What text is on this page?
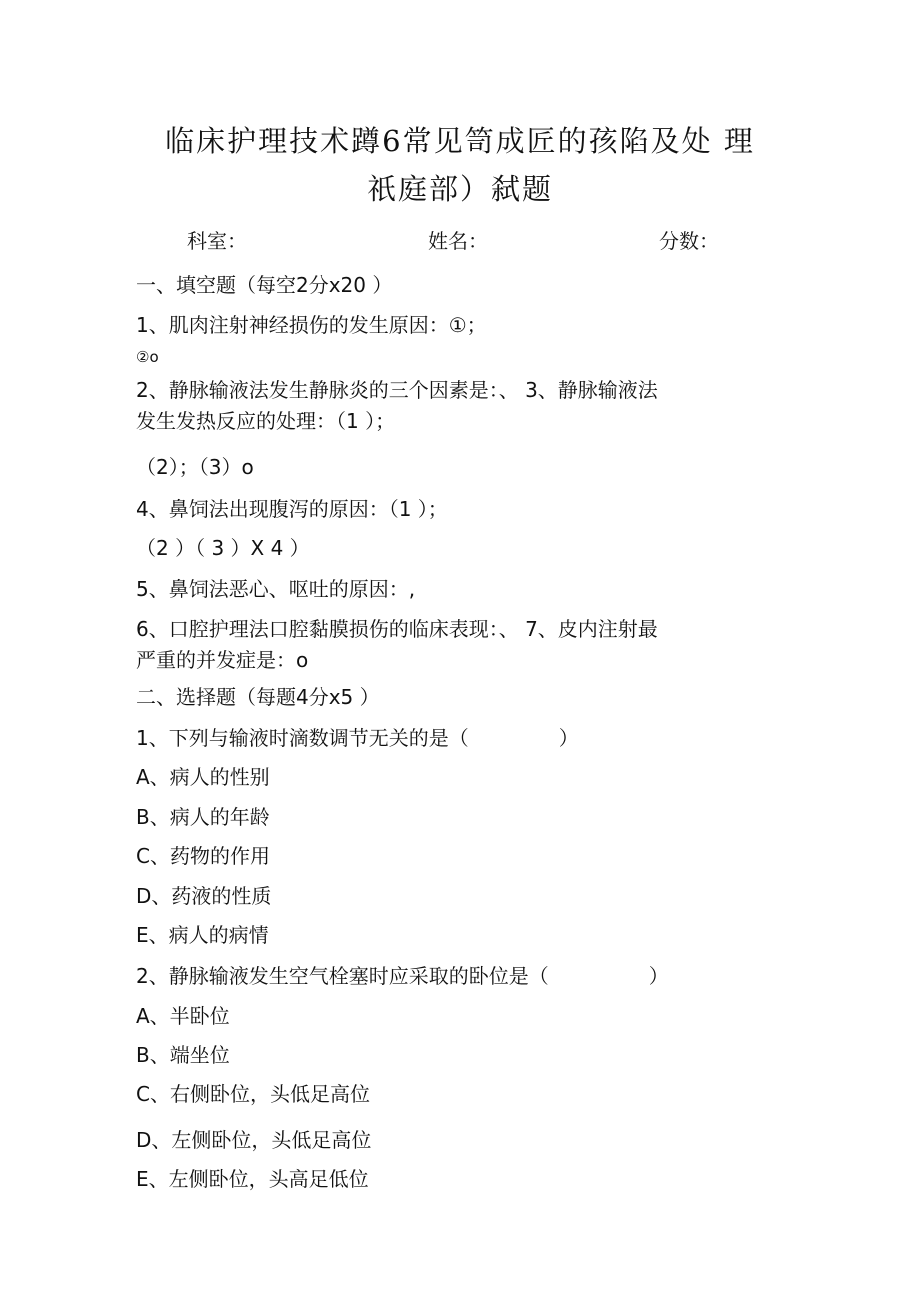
临床护理技术蹲6常见笥成匠的孩陷及处 理
祇庭部）弑题
科室：	姓名：	分数：
一、填空题（每空2分x20 ）
1、肌肉注射神经损伤的发生原因：①；
②o
2、静脉输液法发生静脉炎的三个因素是：、 3、静脉输液法
发生发热反应的处理：（1 ）；
（2）；（3）o
4、鼻饲法出现腹泻的原因：（1 ）；
（2 ）（ 3 ）X 4 ）
5、鼻饲法恶心、呕吐的原因：,
6、口腔护理法口腔黏膜损伤的临床表现：、 7、皮内注射最
严重的并发症是：o
二、选择题（每题4分x5 ）
1、下列与输液时滴数调节无关的是（	）
A、病人的性别
B、病人的年龄
C、药物的作用
D、药液的性质
E、病人的病情
2、静脉输液发生空气栓塞时应采取的卧位是（	）
A、半卧位
B、端坐位
C、右侧卧位，头低足高位
D、左侧卧位，头低足高位
E、左侧卧位，头高足低位
